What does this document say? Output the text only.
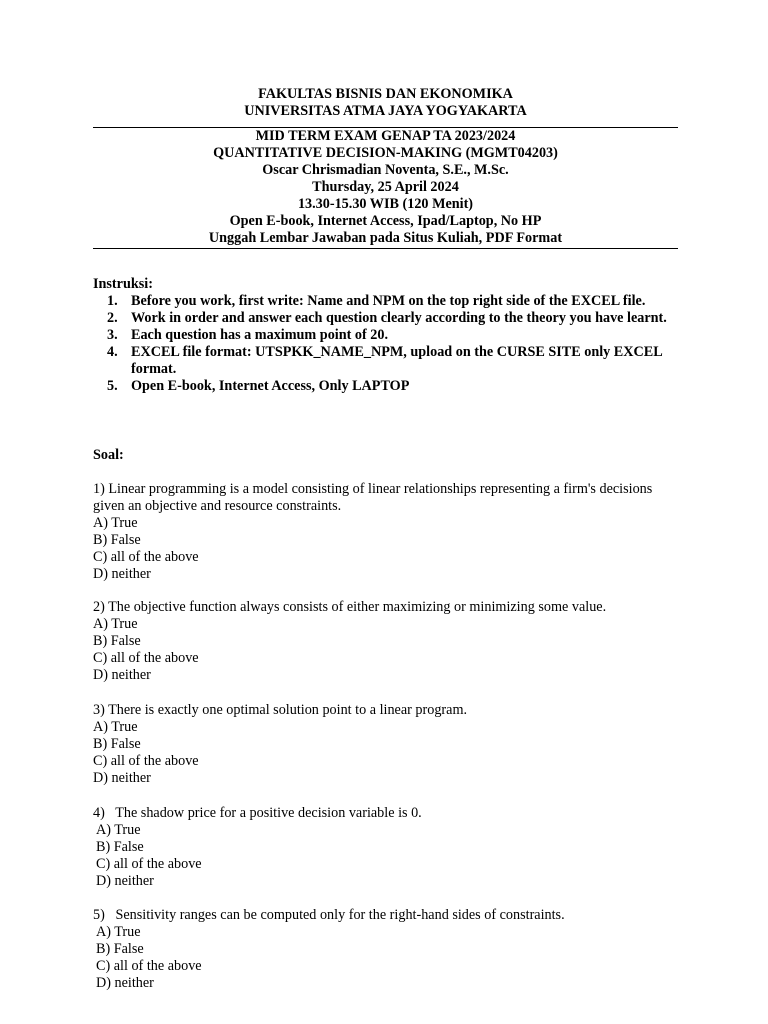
FAKULTAS BISNIS DAN EKONOMIKA
UNIVERSITAS ATMA JAYA YOGYAKARTA
MID TERM EXAM GENAP TA 2023/2024
QUANTITATIVE DECISION-MAKING (MGMT04203)
Oscar Chrismadian Noventa, S.E., M.Sc.
Thursday, 25 April 2024
13.30-15.30 WIB (120 Menit)
Open E-book, Internet Access, Ipad/Laptop, No HP
Unggah Lembar Jawaban pada Situs Kuliah, PDF Format
Instruksi:
1. Before you work, first write: Name and NPM on the top right side of the EXCEL file.
2. Work in order and answer each question clearly according to the theory you have learnt.
3. Each question has a maximum point of 20.
4. EXCEL file format: UTSPKK_NAME_NPM, upload on the CURSE SITE only EXCEL format.
5. Open E-book, Internet Access, Only LAPTOP
Soal:

1) Linear programming is a model consisting of linear relationships representing a firm's decisions given an objective and resource constraints.

A) True

B) False

C) all of the above

D) neither

2) The objective function always consists of either maximizing or minimizing some value.

A) True

B) False

C) all of the above

D) neither

3) There is exactly one optimal solution point to a linear program.

A) True

B) False

C) all of the above

D) neither

4)   The shadow price for a positive decision variable is 0.

A) True

B) False

C) all of the above

D) neither

5)   Sensitivity ranges can be computed only for the right-hand sides of constraints.

A) True

B) False

C) all of the above

D) neither
